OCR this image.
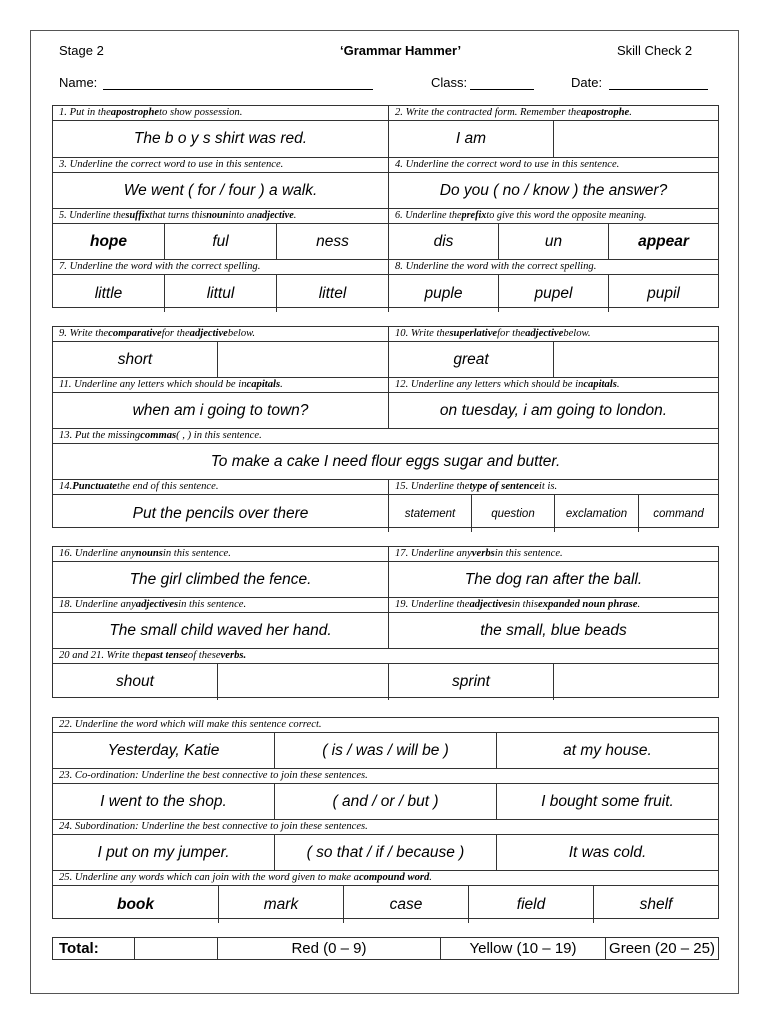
Stage 2	‘Grammar Hammer’	Skill Check 2
Name:	Class:	Date:
1. Put in the apostrophe to show possession.	2. Write the contracted form. Remember the apostrophe .
The b o y s shirt was red.	I am
3. Underline the correct word to use in this sentence.	4. Underline the correct word to use in this sentence.
We went ( for / four ) a walk.	Do you ( no / know ) the answer?
5. Underline the suffix that turns this noun into an adjective .	6. Underline the prefix to give this word the opposite meaning.
hope	ful	ness	dis	un	appear
7. Underline the word with the correct spelling.	8. Underline the word with the correct spelling.
little	littul	littel	puple	pupel	pupil
9. Write the comparative for the adjective below.	10. Write the superlative for the adjective below.
short	great
11. Underline any letters which should be in capitals .	12. Underline any letters which should be in capitals .
when am i going to town?	on tuesday, i am going to london.
13. Put the missing commas ( , ) in this sentence.
To make a cake I need flour eggs sugar and butter.
14. Punctuate the end of this sentence.	15. Underline the type of sentence it is.
Put the pencils over there	statement	question	exclamation	command
16. Underline any nouns in this sentence.	17. Underline any verbs in this sentence.
The girl climbed the fence.	The dog ran after the ball.
18. Underline any adjectives in this sentence.	19. Underline the adjectives in this expanded noun phrase .
The small child waved her hand.	the small, blue beads
20 and 21. Write the past tense of these verbs.
shout	sprint
22. Underline the word which will make this sentence correct.
Yesterday, Katie	( is / was / will be )	at my house.
23. Co-ordination: Underline the best connective to join these sentences.
I went to the shop.	( and / or / but )	I bought some fruit.
24. Subordination: Underline the best connective to join these sentences.
I put on my jumper.	( so that / if / because )	It was cold.
25. Underline any words which can join with the word given to make a compound word .
book	mark	case	field	shelf
Total:	Red (0 – 9)	Yellow (10 – 19)	Green (20 – 25)
